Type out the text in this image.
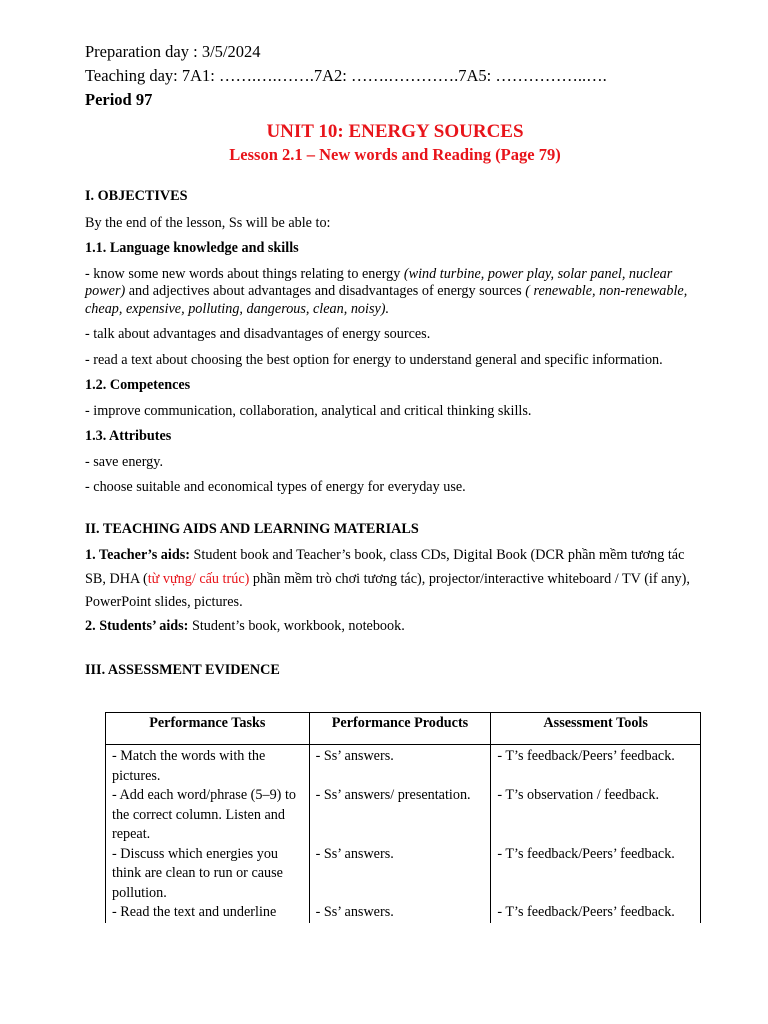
Preparation day : 3/5/2024
Teaching day: 7A1: …….….…….7A2: …….………….7A5: ……………..….
Period 97
UNIT 10: ENERGY SOURCES
Lesson 2.1 – New words and Reading (Page 79)
I. OBJECTIVES
By the end of the lesson, Ss will be able to:
1.1. Language knowledge and skills
- know some new words about things relating to energy (wind turbine, power play, solar panel, nuclear power) and adjectives about advantages and disadvantages of energy sources ( renewable, non-renewable, cheap, expensive, polluting, dangerous, clean, noisy).
- talk about advantages and disadvantages of energy sources.
- read a text about choosing the best option for energy to understand general and specific information.
1.2. Competences
- improve communication, collaboration, analytical and critical thinking skills.
1.3. Attributes
- save energy.
- choose suitable and economical types of energy for everyday use.
II. TEACHING AIDS AND LEARNING MATERIALS
1. Teacher’s aids: Student book and Teacher’s book, class CDs, Digital Book (DCR phần mềm tương tác SB, DHA (từ vựng/ cấu trúc) phần mềm trò chơi tương tác), projector/interactive whiteboard / TV (if any), PowerPoint slides, pictures.
2. Students’ aids: Student’s book, workbook, notebook.
III. ASSESSMENT EVIDENCE
Performance Tasks	Performance Products	Assessment Tools
- Match the words with the pictures.	- Ss’ answers.	- T’s feedback/Peers’ feedback.
- Add each word/phrase (5–9) to the correct column. Listen and repeat.	- Ss’ answers/ presentation.	- T’s observation / feedback.
- Discuss which energies you think are clean to run or cause pollution.	- Ss’ answers.	- T’s feedback/Peers’ feedback.
- Read the text and underline	- Ss’ answers.	- T’s feedback/Peers’ feedback.
